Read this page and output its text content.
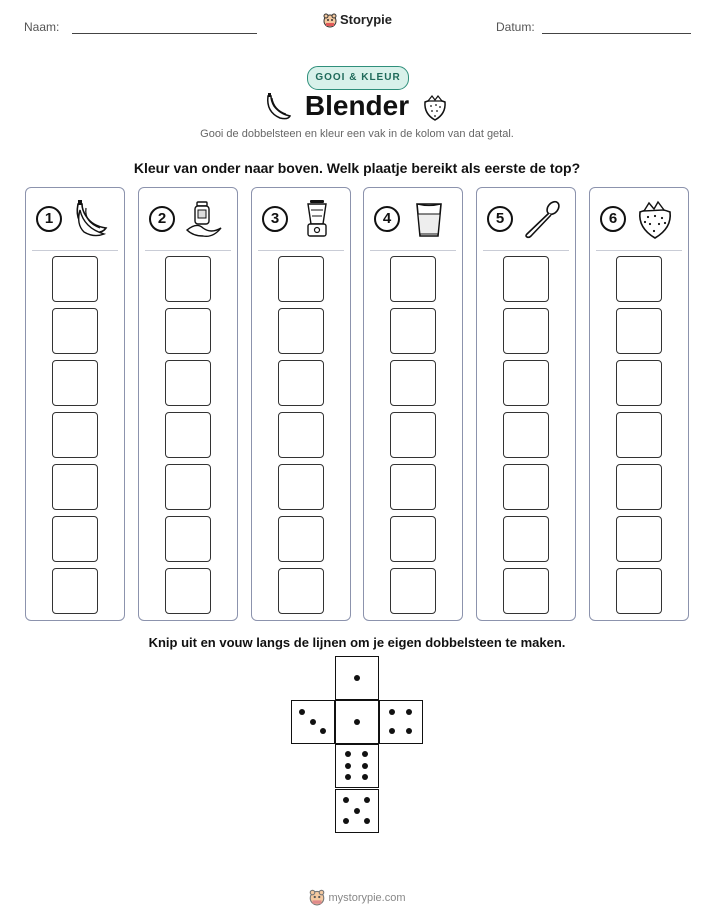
Naam:	Storypie	Datum:
GOOI & KLEUR
Blender
Gooi de dobbelsteen en kleur een vak in de kolom van dat getal.
Kleur van onder naar boven. Welk plaatje bereikt als eerste de top?
1	2	3	4	5	6
Knip uit en vouw langs de lijnen om je eigen dobbelsteen te maken.
mystorypie.com
